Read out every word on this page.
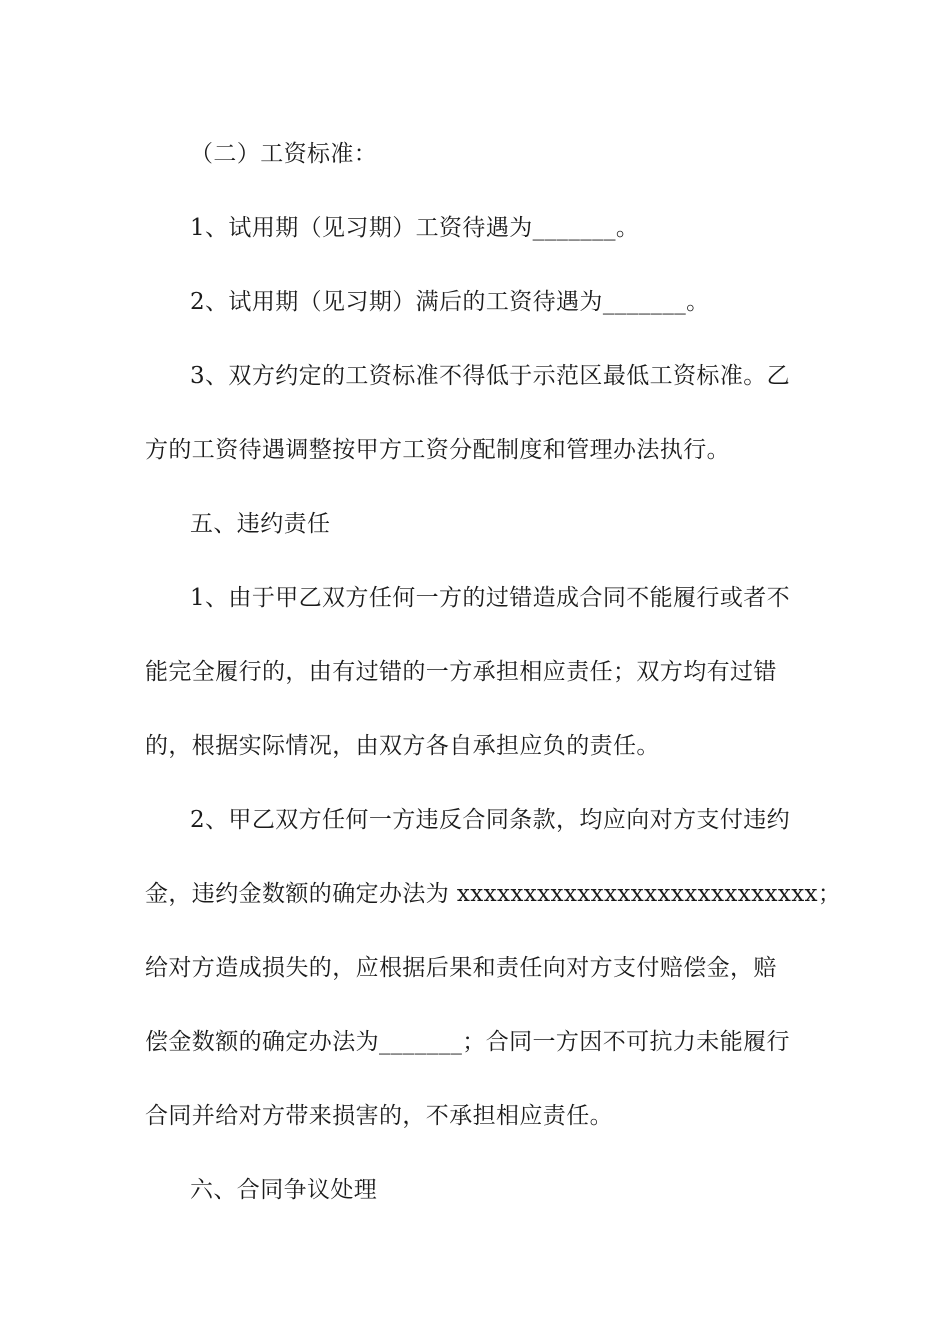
（二）工资标准：
1、试用期（见习期）工资待遇为_______。
2、试用期（见习期）满后的工资待遇为_______。
3、双方约定的工资标准不得低于示范区最低工资标准。乙
方的工资待遇调整按甲方工资分配制度和管理办法执行。
五、违约责任
1、由于甲乙双方任何一方的过错造成合同不能履行或者不
能完全履行的，由有过错的一方承担相应责任；双方均有过错
的，根据实际情况，由双方各自承担应负的责任。
2、甲乙双方任何一方违反合同条款，均应向对方支付违约
金，违约金数额的确定办法为 xxxxxxxxxxxxxxxxxxxxxxxxxxx；
给对方造成损失的，应根据后果和责任向对方支付赔偿金，赔
偿金数额的确定办法为_______；合同一方因不可抗力未能履行
合同并给对方带来损害的，不承担相应责任。
六、合同争议处理
